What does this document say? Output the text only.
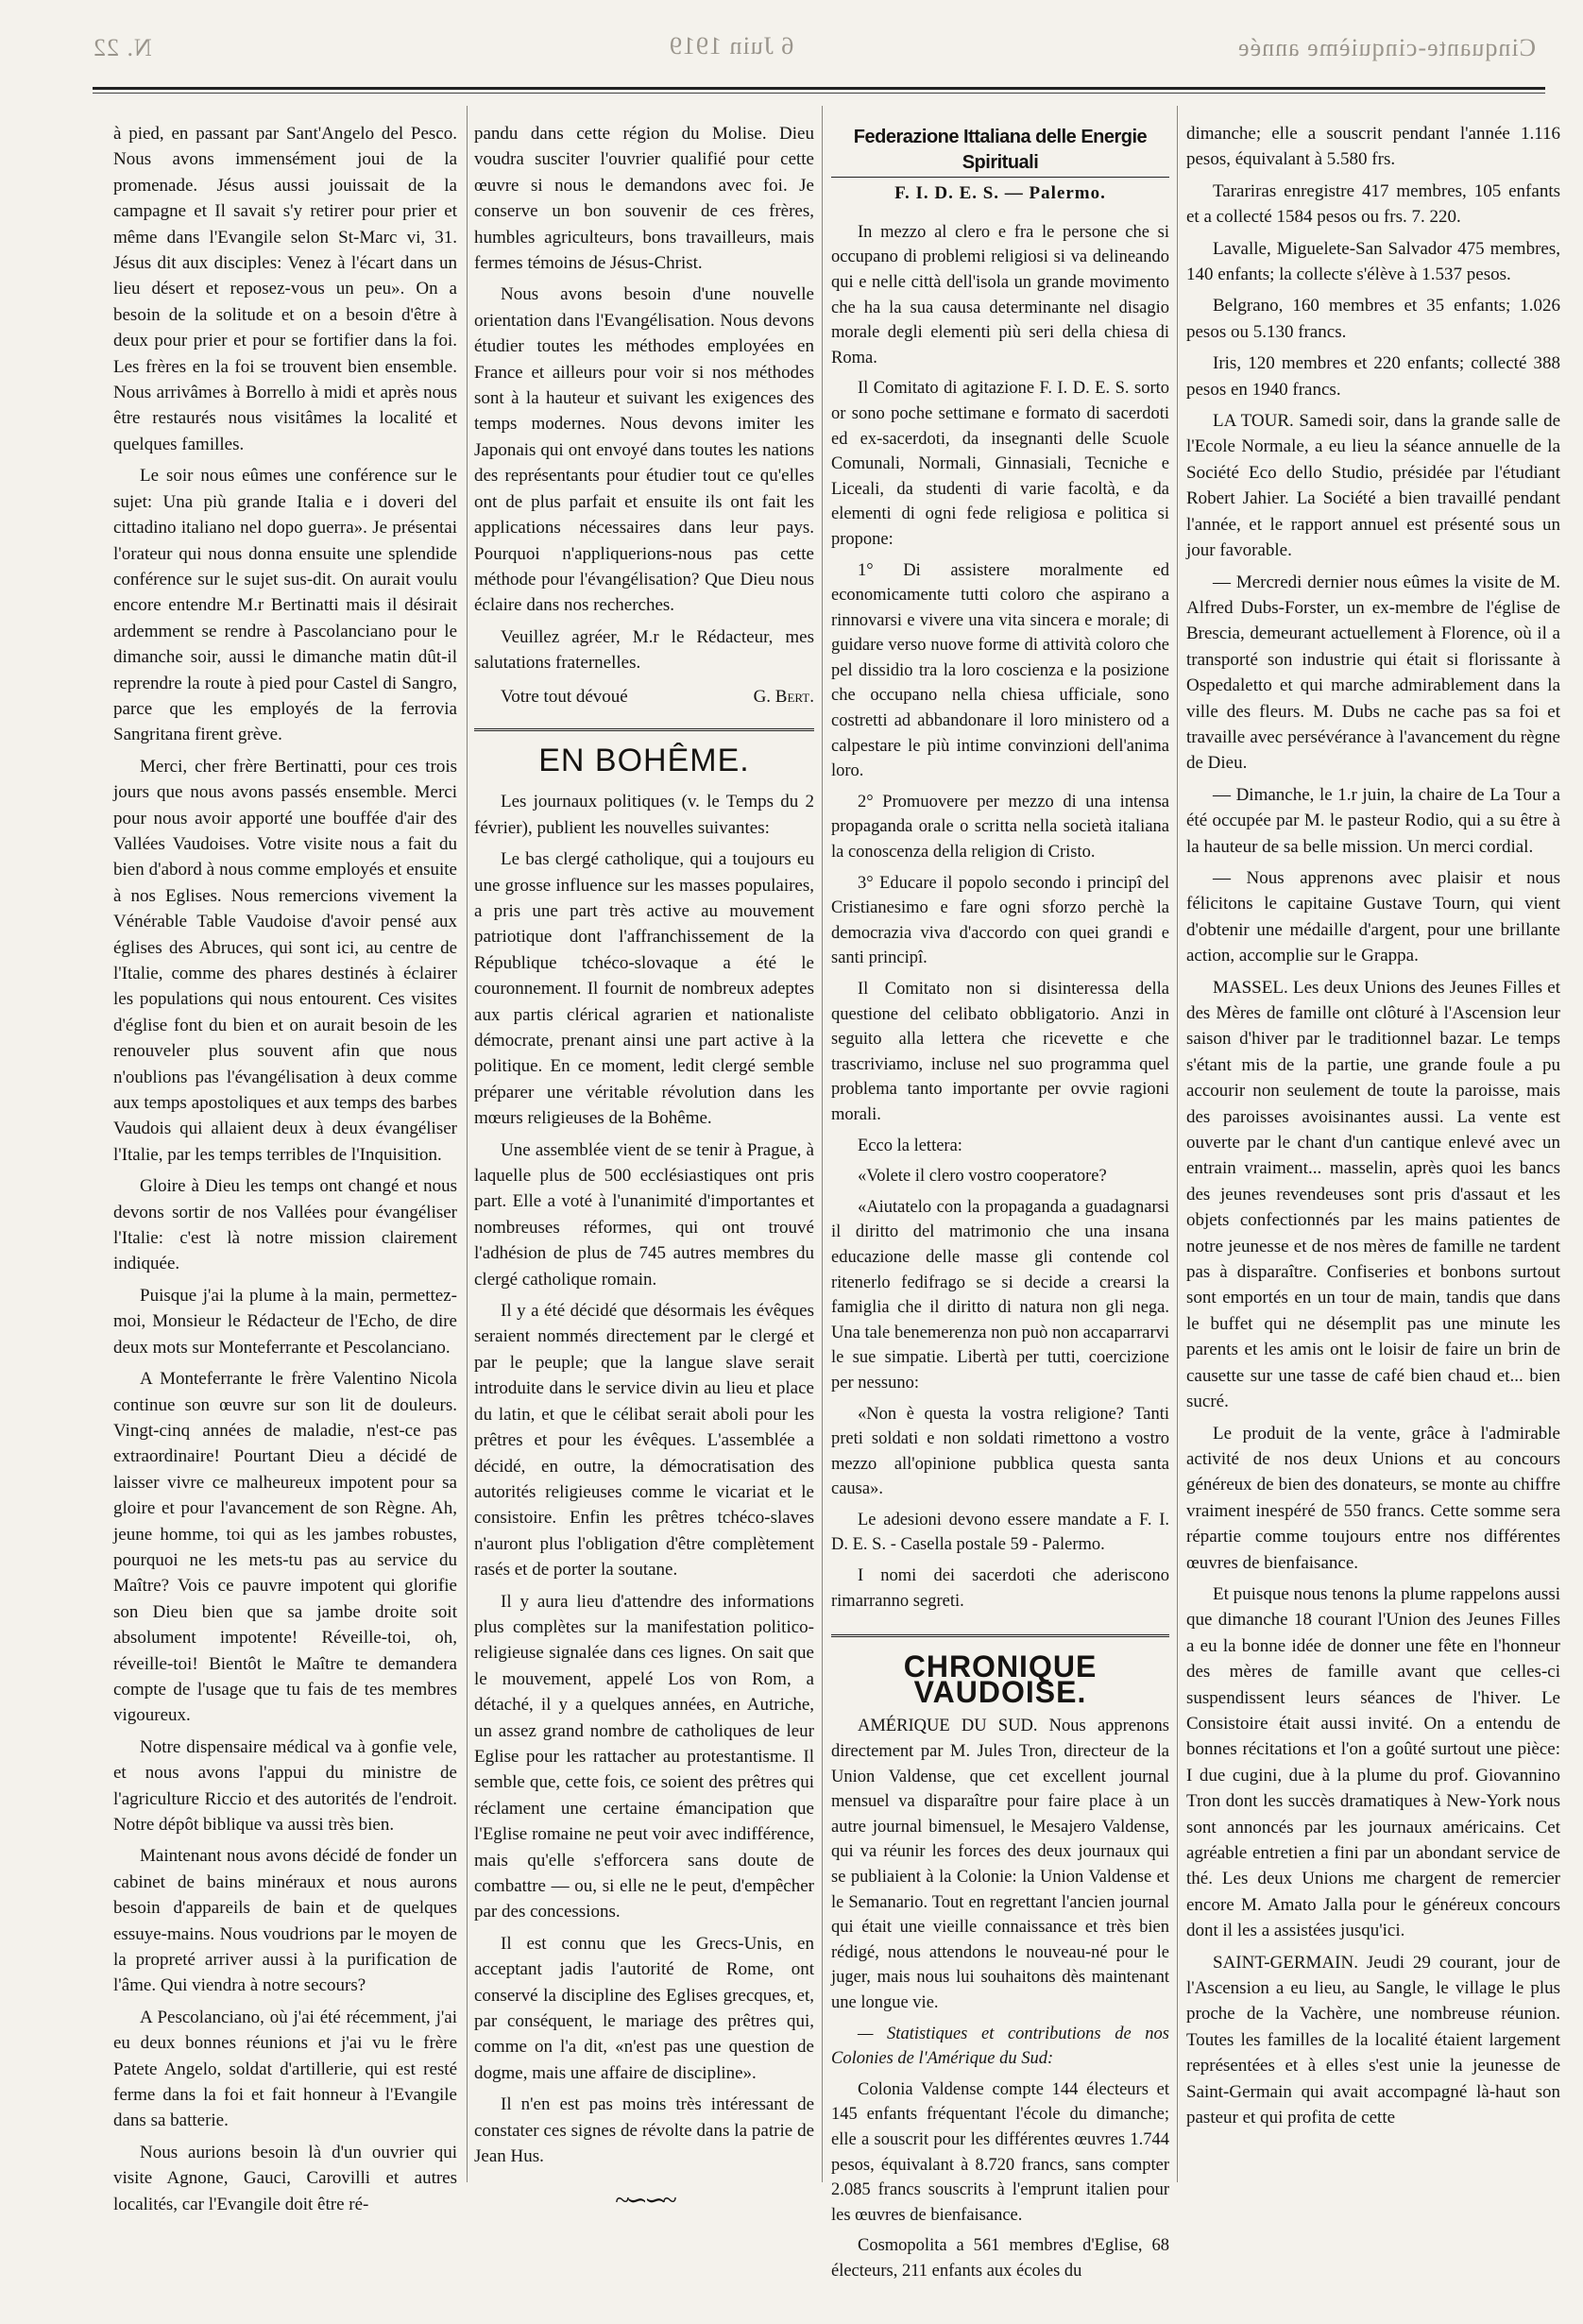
N. 22	6 Juin 1919	Cinquante-cinquième année

à pied, en passant par Sant'Angelo del Pesco. Nous avons immensément joui de la promenade. Jésus aussi jouissait de la campagne et Il savait s'y retirer pour prier et même dans l'Evangile selon St-Marc vi, 31. Jésus dit aux disciples: Venez à l'écart dans un lieu désert et reposez-vous un peu». On a besoin de la solitude et on a besoin d'être à deux pour prier et pour se fortifier dans la foi. Les frères en la foi se trouvent bien ensemble. Nous arrivâmes à Borrello à midi et après nous être restaurés nous visitâmes la localité et quelques familles.

Le soir nous eûmes une conférence sur le sujet: Una più grande Italia e i doveri del cittadino italiano nel dopo guerra». Je présentai l'orateur qui nous donna ensuite une splendide conférence sur le sujet sus-dit. On aurait voulu encore entendre M.r Bertinatti mais il désirait ardemment se rendre à Pascolanciano pour le dimanche soir, aussi le dimanche matin dût-il reprendre la route à pied pour Castel di Sangro, parce que les employés de la ferrovia Sangritana firent grève.

Merci, cher frère Bertinatti, pour ces trois jours que nous avons passés ensemble. Merci pour nous avoir apporté une bouffée d'air des Vallées Vaudoises. Votre visite nous a fait du bien d'abord à nous comme employés et ensuite à nos Eglises. Nous remercions vivement la Vénérable Table Vaudoise d'avoir pensé aux églises des Abruces, qui sont ici, au centre de l'Italie, comme des phares destinés à éclairer les populations qui nous entourent. Ces visites d'église font du bien et on aurait besoin de les renouveler plus souvent afin que nous n'oublions pas l'évangélisation à deux comme aux temps apostoliques et aux temps des barbes Vaudois qui allaient deux à deux évangéliser l'Italie, par les temps terribles de l'Inquisition.

Gloire à Dieu les temps ont changé et nous devons sortir de nos Vallées pour évangéliser l'Italie: c'est là notre mission clairement indiquée.

Puisque j'ai la plume à la main, permettez-moi, Monsieur le Rédacteur de l'Echo, de dire deux mots sur Monteferrante et Pescolanciano.

A Monteferrante le frère Valentino Nicola continue son œuvre sur son lit de douleurs. Vingt-cinq années de maladie, n'est-ce pas extraordinaire! Pourtant Dieu a décidé de laisser vivre ce malheureux impotent pour sa gloire et pour l'avancement de son Règne. Ah, jeune homme, toi qui as les jambes robustes, pourquoi ne les mets-tu pas au service du Maître? Vois ce pauvre impotent qui glorifie son Dieu bien que sa jambe droite soit absolument impotente! Réveille-toi, oh, réveille-toi! Bientôt le Maître te demandera compte de l'usage que tu fais de tes membres vigoureux.

Notre dispensaire médical va à gonfie vele, et nous avons l'appui du ministre de l'agriculture Riccio et des autorités de l'endroit. Notre dépôt biblique va aussi très bien.

Maintenant nous avons décidé de fonder un cabinet de bains minéraux et nous aurons besoin d'appareils de bain et de quelques essuye-mains. Nous voudrions par le moyen de la propreté arriver aussi à la purification de l'âme. Qui viendra à notre secours?

A Pescolanciano, où j'ai été récemment, j'ai eu deux bonnes réunions et j'ai vu le frère Patete Angelo, soldat d'artillerie, qui est resté ferme dans la foi et fait honneur à l'Evangile dans sa batterie.

Nous aurions besoin là d'un ouvrier qui visite Agnone, Gauci, Carovilli et autres localités, car l'Evangile doit être ré-

pandu dans cette région du Molise. Dieu voudra susciter l'ouvrier qualifié pour cette œuvre si nous le demandons avec foi. Je conserve un bon souvenir de ces frères, humbles agriculteurs, bons travailleurs, mais fermes témoins de Jésus-Christ.

Nous avons besoin d'une nouvelle orientation dans l'Evangélisation. Nous devons étudier toutes les méthodes employées en France et ailleurs pour voir si nos méthodes sont à la hauteur et suivant les exigences des temps modernes. Nous devons imiter les Japonais qui ont envoyé dans toutes les nations des représentants pour étudier tout ce qu'elles ont de plus parfait et ensuite ils ont fait les applications nécessaires dans leur pays. Pourquoi n'appliquerions-nous pas cette méthode pour l'évangélisation? Que Dieu nous éclaire dans nos recherches.

Veuillez agréer, M.r le Rédacteur, mes salutations fraternelles.

Votre tout dévoué	G. Bert.
EN BOHÊME.

Les journaux politiques (v. le Temps du 2 février), publient les nouvelles suivantes:

Le bas clergé catholique, qui a toujours eu une grosse influence sur les masses populaires, a pris une part très active au mouvement patriotique dont l'affranchissement de la République tchéco-slovaque a été le couronnement. Il fournit de nombreux adeptes aux partis clérical agrarien et nationaliste démocrate, prenant ainsi une part active à la politique. En ce moment, ledit clergé semble préparer une véritable révolution dans les mœurs religieuses de la Bohême.

Une assemblée vient de se tenir à Prague, à laquelle plus de 500 ecclésiastiques ont pris part. Elle a voté à l'unanimité d'importantes et nombreuses réformes, qui ont trouvé l'adhésion de plus de 745 autres membres du clergé catholique romain.

Il y a été décidé que désormais les évêques seraient nommés directement par le clergé et par le peuple; que la langue slave serait introduite dans le service divin au lieu et place du latin, et que le célibat serait aboli pour les prêtres et pour les évêques. L'assemblée a décidé, en outre, la démocratisation des autorités religieuses comme le vicariat et le consistoire. Enfin les prêtres tchéco-slaves n'auront plus l'obligation d'être complètement rasés et de porter la soutane.

Il y aura lieu d'attendre des informations plus complètes sur la manifestation politico-religieuse signalée dans ces lignes. On sait que le mouvement, appelé Los von Rom, a détaché, il y a quelques années, en Autriche, un assez grand nombre de catholiques de leur Eglise pour les rattacher au protestantisme. Il semble que, cette fois, ce soient des prêtres qui réclament une certaine émancipation que l'Eglise romaine ne peut voir avec indifférence, mais qu'elle s'efforcera sans doute de combattre — ou, si elle ne le peut, d'empêcher par des concessions.

Il est connu que les Grecs-Unis, en acceptant jadis l'autorité de Rome, ont conservé la discipline des Eglises grecques, et, par conséquent, le mariage des prêtres qui, comme on l'a dit, «n'est pas une question de dogme, mais une affaire de discipline».

Il n'en est pas moins très intéressant de constater ces signes de révolte dans la patrie de Jean Hus.

~∽∽~
Federazione Ittaliana delle Energie Spirituali
F. I. D. E. S. — Palermo.

In mezzo al clero e fra le persone che si occupano di problemi religiosi si va delineando qui e nelle città dell'isola un grande movimento che ha la sua causa determinante nel disagio morale degli elementi più seri della chiesa di Roma.

Il Comitato di agitazione F. I. D. E. S. sorto or sono poche settimane e formato di sacerdoti ed ex-sacerdoti, da insegnanti delle Scuole Comunali, Normali, Ginnasiali, Tecniche e Liceali, da studenti di varie facoltà, e da elementi di ogni fede religiosa e politica si propone:

1° Di assistere moralmente ed economicamente tutti coloro che aspirano a rinnovarsi e vivere una vita sincera e morale; di guidare verso nuove forme di attività coloro che pel dissidio tra la loro coscienza e la posizione che occupano nella chiesa ufficiale, sono costretti ad abbandonare il loro ministero od a calpestare le più intime convinzioni dell'anima loro.

2° Promuovere per mezzo di una intensa propaganda orale o scritta nella società italiana la conoscenza della religion di Cristo.

3° Educare il popolo secondo i principî del Cristianesimo e fare ogni sforzo perchè la democrazia viva d'accordo con quei grandi e santi principî.

Il Comitato non si disinteressa della questione del celibato obbligatorio. Anzi in seguito alla lettera che ricevette e che trascriviamo, incluse nel suo programma quel problema tanto importante per ovvie ragioni morali.

Ecco la lettera:

«Volete il clero vostro cooperatore?

«Aiutatelo con la propaganda a guadagnarsi il diritto del matrimonio che una insana educazione delle masse gli contende col ritenerlo fedifrago se si decide a crearsi la famiglia che il diritto di natura non gli nega. Una tale benemerenza non può non accaparrarvi le sue simpatie. Libertà per tutti, coercizione per nessuno:

«Non è questa la vostra religione? Tanti preti soldati e non soldati rimettono a vostro mezzo all'opinione pubblica questa santa causa».

Le adesioni devono essere mandate a F. I. D. E. S. - Casella postale 59 - Palermo.

I nomi dei sacerdoti che aderiscono rimarranno segreti.

CHRONIQUE VAUDOISE.

AMÉRIQUE DU SUD. Nous apprenons directement par M. Jules Tron, directeur de la Union Valdense, que cet excellent journal mensuel va disparaître pour faire place à un autre journal bimensuel, le Mesajero Valdense, qui va réunir les forces des deux journaux qui se publiaient à la Colonie: la Union Valdense et le Semanario. Tout en regrettant l'ancien journal qui était une vieille connaissance et très bien rédigé, nous attendons le nouveau-né pour le juger, mais nous lui souhaitons dès maintenant une longue vie.

— Statistiques et contributions de nos Colonies de l'Amérique du Sud:

Colonia Valdense compte 144 électeurs et 145 enfants fréquentant l'école du dimanche; elle a souscrit pour les différentes œuvres 1.744 pesos, équivalant à 8.720 francs, sans compter 2.085 francs souscrits à l'emprunt italien pour les œuvres de bienfaisance.

Cosmopolita a 561 membres d'Eglise, 68 électeurs, 211 enfants aux écoles du

dimanche; elle a souscrit pendant l'année 1.116 pesos, équivalant à 5.580 frs.

Tarariras enregistre 417 membres, 105 enfants et a collecté 1584 pesos ou frs. 7. 220.

Lavalle, Miguelete-San Salvador 475 membres, 140 enfants; la collecte s'élève à 1.537 pesos.

Belgrano, 160 membres et 35 enfants; 1.026 pesos ou 5.130 francs.

Iris, 120 membres et 220 enfants; collecté 388 pesos en 1940 francs.

LA TOUR. Samedi soir, dans la grande salle de l'Ecole Normale, a eu lieu la séance annuelle de la Société Eco dello Studio, présidée par l'étudiant Robert Jahier. La Société a bien travaillé pendant l'année, et le rapport annuel est présenté sous un jour favorable.

— Mercredi dernier nous eûmes la visite de M. Alfred Dubs-Forster, un ex-membre de l'église de Brescia, demeurant actuellement à Florence, où il a transporté son industrie qui était si florissante à Ospedaletto et qui marche admirablement dans la ville des fleurs. M. Dubs ne cache pas sa foi et travaille avec persévérance à l'avancement du règne de Dieu.

— Dimanche, le 1.r juin, la chaire de La Tour a été occupée par M. le pasteur Rodio, qui a su être à la hauteur de sa belle mission. Un merci cordial.

— Nous apprenons avec plaisir et nous félicitons le capitaine Gustave Tourn, qui vient d'obtenir une médaille d'argent, pour une brillante action, accomplie sur le Grappa.

MASSEL. Les deux Unions des Jeunes Filles et des Mères de famille ont clôturé à l'Ascension leur saison d'hiver par le traditionnel bazar. Le temps s'étant mis de la partie, une grande foule a pu accourir non seulement de toute la paroisse, mais des paroisses avoisinantes aussi. La vente est ouverte par le chant d'un cantique enlevé avec un entrain vraiment... masselin, après quoi les bancs des jeunes revendeuses sont pris d'assaut et les objets confectionnés par les mains patientes de notre jeunesse et de nos mères de famille ne tardent pas à disparaître. Confiseries et bonbons surtout sont emportés en un tour de main, tandis que dans le buffet qui ne désemplit pas une minute les parents et les amis ont le loisir de faire un brin de causette sur une tasse de café bien chaud et... bien sucré.

Le produit de la vente, grâce à l'admirable activité de nos deux Unions et au concours généreux de bien des donateurs, se monte au chiffre vraiment inespéré de 550 francs. Cette somme sera répartie comme toujours entre nos différentes œuvres de bienfaisance.

Et puisque nous tenons la plume rappelons aussi que dimanche 18 courant l'Union des Jeunes Filles a eu la bonne idée de donner une fête en l'honneur des mères de famille avant que celles-ci suspendissent leurs séances de l'hiver. Le Consistoire était aussi invité. On a entendu de bonnes récitations et l'on a goûté surtout une pièce: I due cugini, due à la plume du prof. Giovannino Tron dont les succès dramatiques à New-York nous sont annoncés par les journaux américains. Cet agréable entretien a fini par un abondant service de thé. Les deux Unions me chargent de remercier encore M. Amato Jalla pour le généreux concours dont il les a assistées jusqu'ici.

SAINT-GERMAIN. Jeudi 29 courant, jour de l'Ascension a eu lieu, au Sangle, le village le plus proche de la Vachère, une nombreuse réunion. Toutes les familles de la localité étaient largement représentées et à elles s'est unie la jeunesse de Saint-Germain qui avait accompagné là-haut son pasteur et qui profita de cette
